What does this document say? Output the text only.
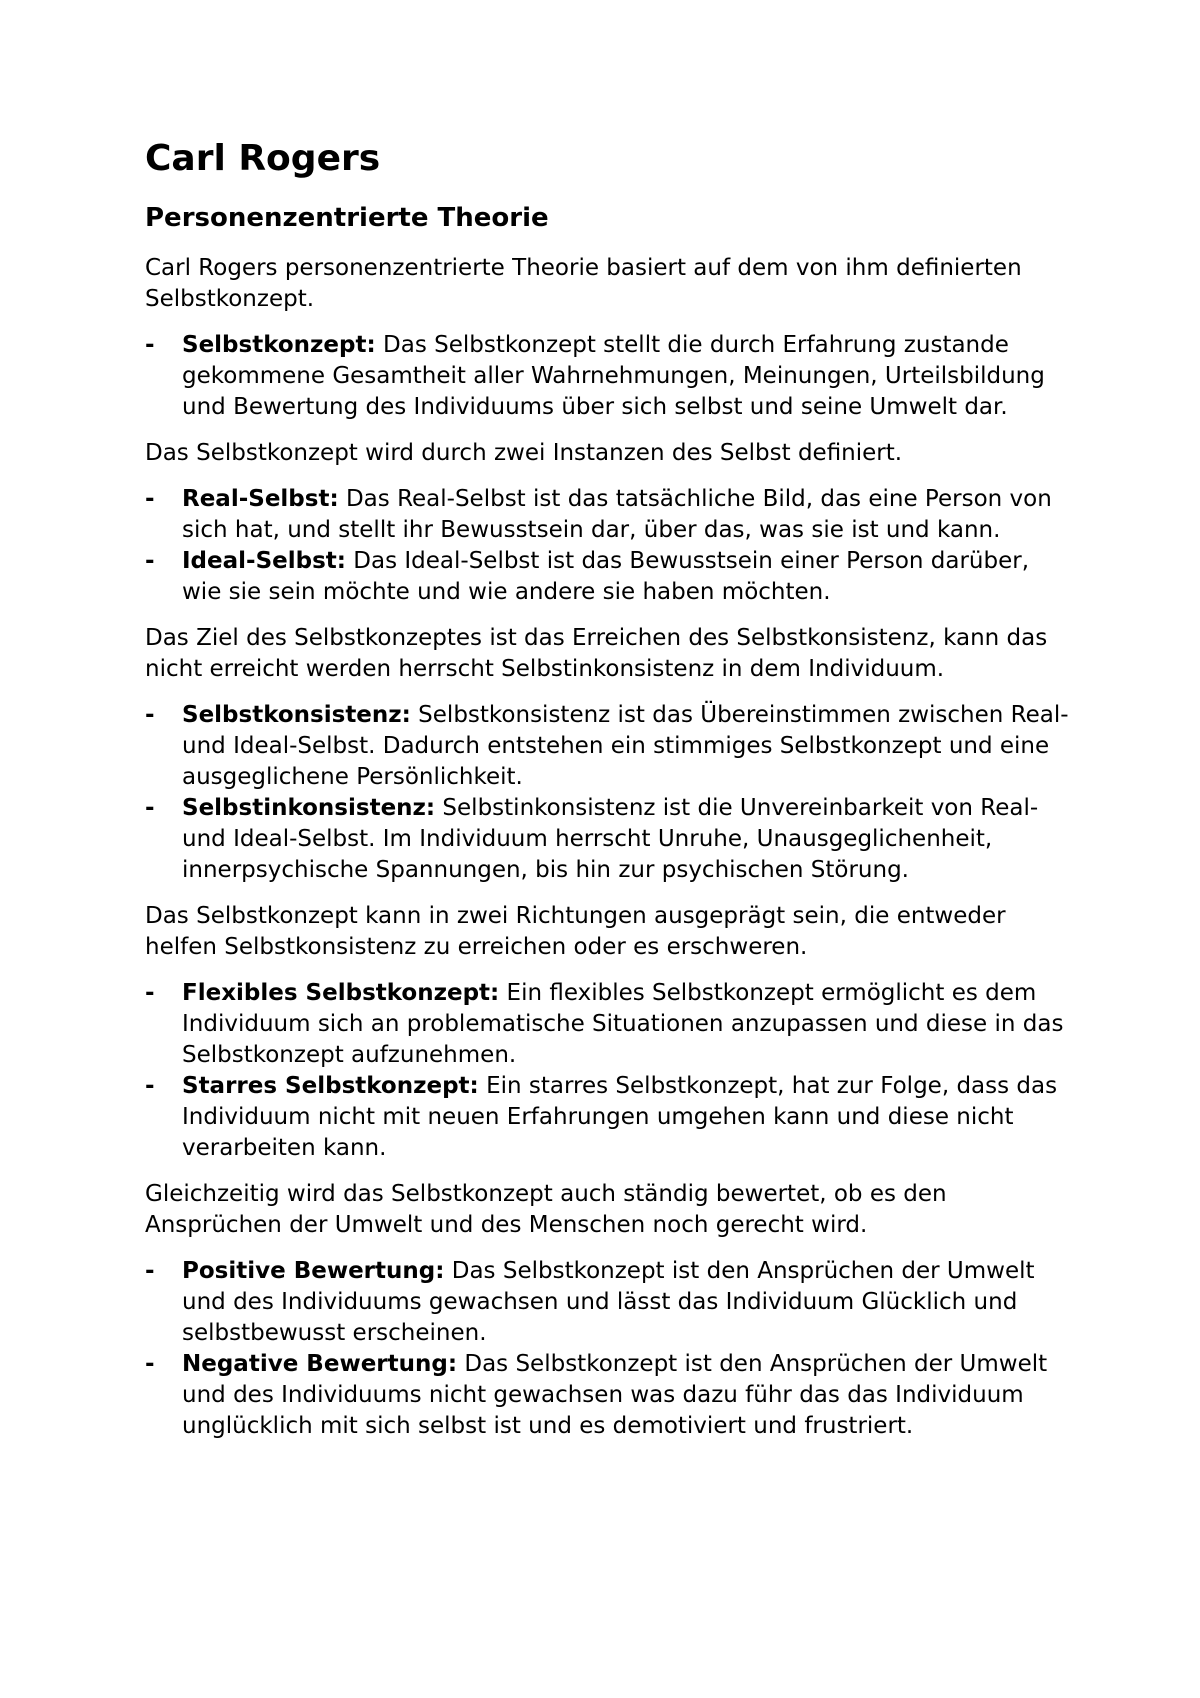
Carl Rogers
Personenzentrierte Theorie

Carl Rogers personenzentrierte Theorie basiert auf dem von ihm definierten Selbstkonzept.

- Selbstkonzept: Das Selbstkonzept stellt die durch Erfahrung zustande gekommene Gesamtheit aller Wahrnehmungen, Meinungen, Urteilsbildung und Bewertung des Individuums über sich selbst und seine Umwelt dar.

Das Selbstkonzept wird durch zwei Instanzen des Selbst definiert.

- Real-Selbst: Das Real-Selbst ist das tatsächliche Bild, das eine Person von sich hat, und stellt ihr Bewusstsein dar, über das, was sie ist und kann.
- Ideal-Selbst: Das Ideal-Selbst ist das Bewusstsein einer Person darüber, wie sie sein möchte und wie andere sie haben möchten.

Das Ziel des Selbstkonzeptes ist das Erreichen des Selbstkonsistenz, kann das nicht erreicht werden herrscht Selbstinkonsistenz in dem Individuum.

- Selbstkonsistenz: Selbstkonsistenz ist das Übereinstimmen zwischen Real- und Ideal-Selbst. Dadurch entstehen ein stimmiges Selbstkonzept und eine ausgeglichene Persönlichkeit.
- Selbstinkonsistenz: Selbstinkonsistenz ist die Unvereinbarkeit von Real- und Ideal-Selbst. Im Individuum herrscht Unruhe, Unausgeglichenheit, innerpsychische Spannungen, bis hin zur psychischen Störung.

Das Selbstkonzept kann in zwei Richtungen ausgeprägt sein, die entweder helfen Selbstkonsistenz zu erreichen oder es erschweren.

- Flexibles Selbstkonzept: Ein flexibles Selbstkonzept ermöglicht es dem Individuum sich an problematische Situationen anzupassen und diese in das Selbstkonzept aufzunehmen.
- Starres Selbstkonzept: Ein starres Selbstkonzept, hat zur Folge, dass das Individuum nicht mit neuen Erfahrungen umgehen kann und diese nicht verarbeiten kann.

Gleichzeitig wird das Selbstkonzept auch ständig bewertet, ob es den Ansprüchen der Umwelt und des Menschen noch gerecht wird.

- Positive Bewertung: Das Selbstkonzept ist den Ansprüchen der Umwelt und des Individuums gewachsen und lässt das Individuum Glücklich und selbstbewusst erscheinen.
- Negative Bewertung: Das Selbstkonzept ist den Ansprüchen der Umwelt und des Individuums nicht gewachsen was dazu führ das das Individuum unglücklich mit sich selbst ist und es demotiviert und frustriert.
